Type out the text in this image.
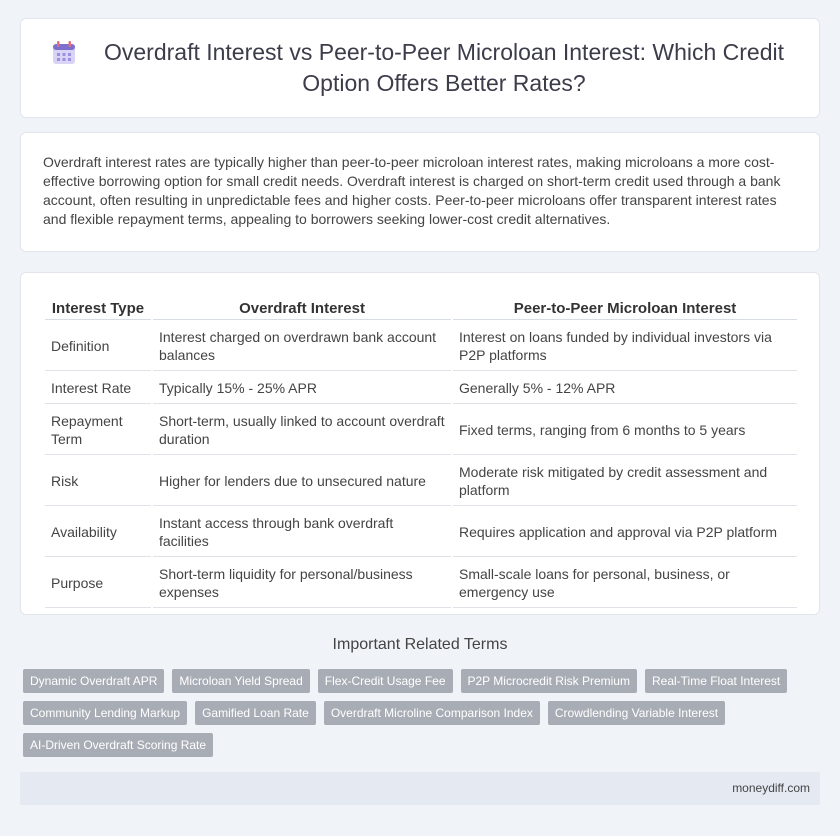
Overdraft Interest vs Peer-to-Peer Microloan Interest: Which Credit Option Offers Better Rates?

Overdraft interest rates are typically higher than peer-to-peer microloan interest rates, making microloans a more cost-effective borrowing option for small credit needs. Overdraft interest is charged on short-term credit used through a bank account, often resulting in unpredictable fees and higher costs. Peer-to-peer microloans offer transparent interest rates and flexible repayment terms, appealing to borrowers seeking lower-cost credit alternatives.

Interest Type	Overdraft Interest	Peer-to-Peer Microloan Interest
Definition	Interest charged on overdrawn bank account balances	Interest on loans funded by individual investors via P2P platforms
Interest Rate	Typically 15% - 25% APR	Generally 5% - 12% APR
Repayment Term	Short-term, usually linked to account overdraft duration	Fixed terms, ranging from 6 months to 5 years
Risk	Higher for lenders due to unsecured nature	Moderate risk mitigated by credit assessment and platform
Availability	Instant access through bank overdraft facilities	Requires application and approval via P2P platform
Purpose	Short-term liquidity for personal/business expenses	Small-scale loans for personal, business, or emergency use
Important Related Terms
Dynamic Overdraft APR	Microloan Yield Spread	Flex-Credit Usage Fee	P2P Microcredit Risk Premium	Real-Time Float Interest
Community Lending Markup	Gamified Loan Rate	Overdraft Microline Comparison Index	Crowdlending Variable Interest
AI-Driven Overdraft Scoring Rate
moneydiff.com
